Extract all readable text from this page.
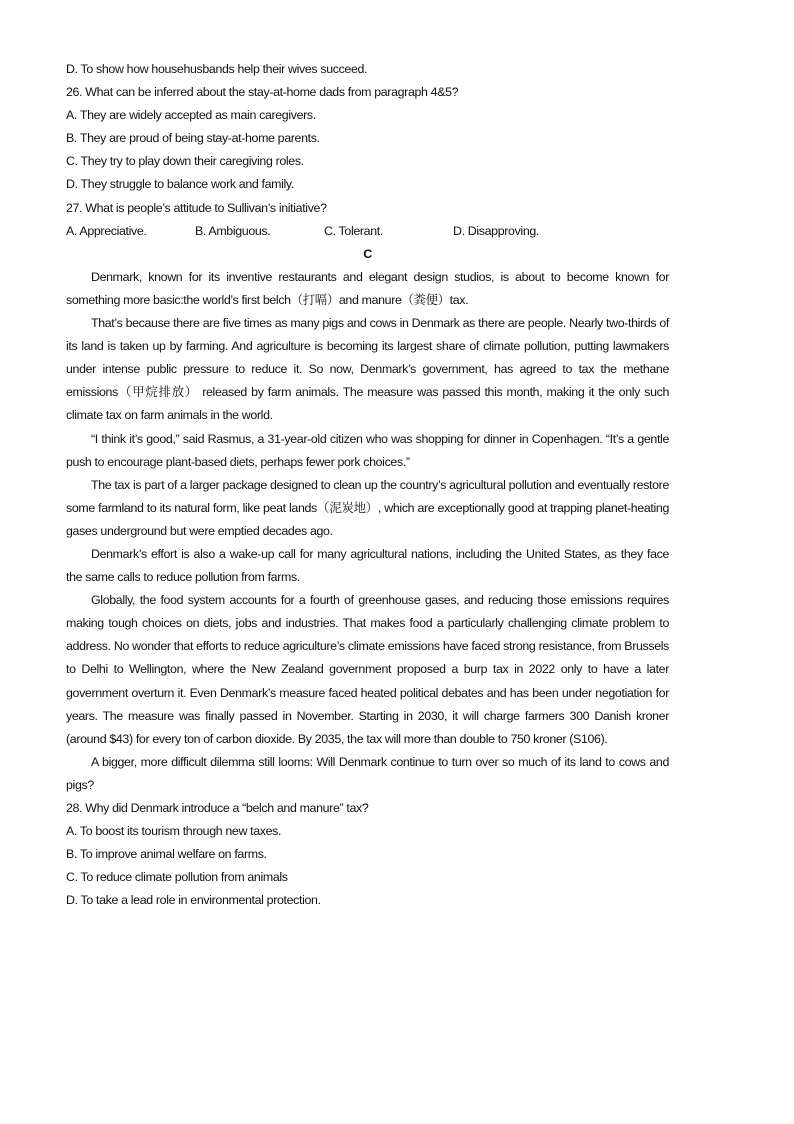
D. To show how househusbands help their wives succeed.
26. What can be inferred about the stay-at-home dads from paragraph 4&5?
A. They are widely accepted as main caregivers.
B. They are proud of being stay-at-home parents.
C. They try to play down their caregiving roles.
D. They struggle to balance work and family.
27. What is people’s attitude to Sullivan’s initiative?
A. Appreciative.	B. Ambiguous.	C. Tolerant.	D. Disapproving.
C

Denmark, known for its inventive restaurants and elegant design studios, is about to become known for something more basic:the world’s first belch（打嗝）and manure（粪便）tax.

That’s because there are five times as many pigs and cows in Denmark as there are people. Nearly two-thirds of its land is taken up by farming. And agriculture is becoming its largest share of climate pollution, putting lawmakers under intense public pressure to reduce it. So now, Denmark’s government, has agreed to tax the methane emissions（甲烷排放） released by farm animals. The measure was passed this month, making it the only such climate tax on farm animals in the world.

“I think it’s good,” said Rasmus, a 31-year-old citizen who was shopping for dinner in Copenhagen. “It’s a gentle push to encourage plant-based diets, perhaps fewer pork choices.”

The tax is part of a larger package designed to clean up the country’s agricultural pollution and eventually restore some farmland to its natural form, like peat lands（泥炭地）, which are exceptionally good at trapping planet-heating gases underground but were emptied decades ago.

Denmark’s effort is also a wake-up call for many agricultural nations, including the United States, as they face the same calls to reduce pollution from farms.

Globally, the food system accounts for a fourth of greenhouse gases, and reducing those emissions requires making tough choices on diets, jobs and industries. That makes food a particularly challenging climate problem to address. No wonder that efforts to reduce agriculture’s climate emissions have faced strong resistance, from Brussels to Delhi to Wellington, where the New Zealand government proposed a burp tax in 2022 only to have a later government overturn it. Even Denmark’s measure faced heated political debates and has been under negotiation for years. The measure was finally passed in November. Starting in 2030, it will charge farmers 300 Danish kroner (around $43) for every ton of carbon dioxide. By 2035, the tax will more than double to 750 kroner (S106).

A bigger, more difficult dilemma still looms: Will Denmark continue to turn over so much of its land to cows and pigs?

28. Why did Denmark introduce a “belch and manure” tax?
A. To boost its tourism through new taxes.
B. To improve animal welfare on farms.
C. To reduce climate pollution from animals
D. To take a lead role in environmental protection.
